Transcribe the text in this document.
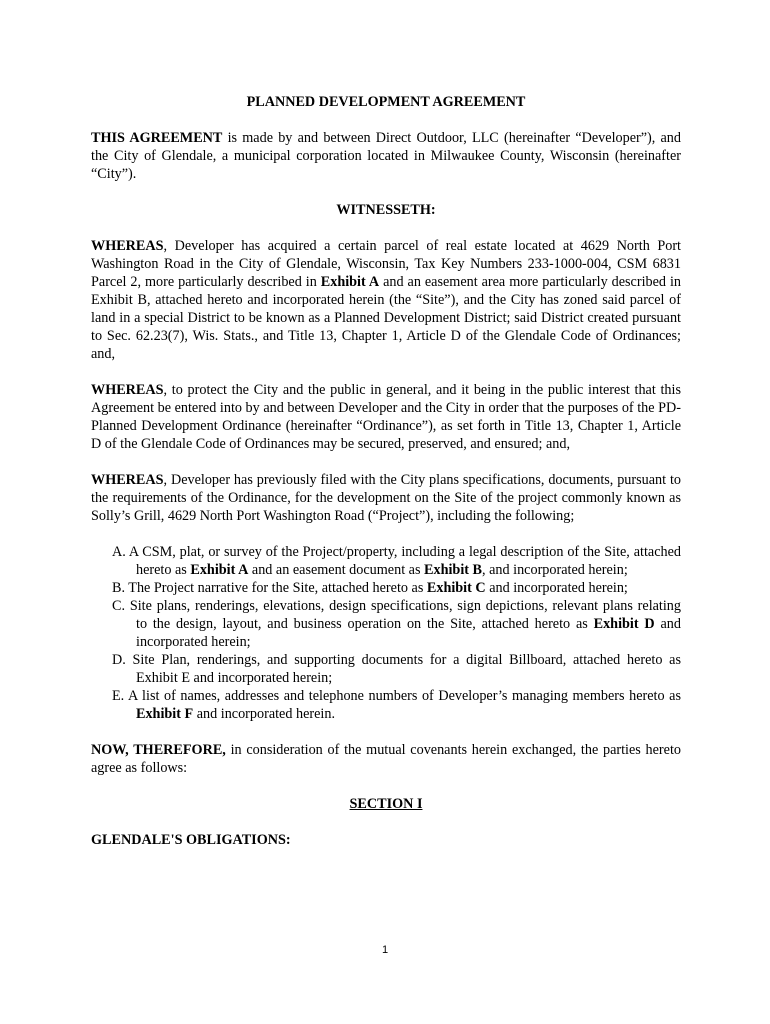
PLANNED DEVELOPMENT AGREEMENT

THIS AGREEMENT is made by and between Direct Outdoor, LLC (hereinafter “Developer”), and the City of Glendale, a municipal corporation located in Milwaukee County, Wisconsin (hereinafter “City”).

WITNESSETH:

WHEREAS, Developer has acquired a certain parcel of real estate located at 4629 North Port Washington Road in the City of Glendale, Wisconsin, Tax Key Numbers 233-1000-004, CSM 6831 Parcel 2, more particularly described in Exhibit A and an easement area more particularly described in Exhibit B, attached hereto and incorporated herein (the “Site”), and the City has zoned said parcel of land in a special District to be known as a Planned Development District; said District created pursuant to Sec. 62.23(7), Wis. Stats., and Title 13, Chapter 1, Article D of the Glendale Code of Ordinances; and,

WHEREAS, to protect the City and the public in general, and it being in the public interest that this Agreement be entered into by and between Developer and the City in order that the purposes of the PD-Planned Development Ordinance (hereinafter “Ordinance”), as set forth in Title 13, Chapter 1, Article D of the Glendale Code of Ordinances may be secured, preserved, and ensured; and,

WHEREAS, Developer has previously filed with the City plans specifications, documents, pursuant to the requirements of the Ordinance, for the development on the Site of the project commonly known as Solly’s Grill, 4629 North Port Washington Road (“Project”), including the following;

A. A CSM, plat, or survey of the Project/property, including a legal description of the Site, attached hereto as Exhibit A and an easement document as Exhibit B, and incorporated herein;
B. The Project narrative for the Site, attached hereto as Exhibit C and incorporated herein;
C. Site plans, renderings, elevations, design specifications, sign depictions, relevant plans relating to the design, layout, and business operation on the Site, attached hereto as Exhibit D and incorporated herein;
D. Site Plan, renderings, and supporting documents for a digital Billboard, attached hereto as Exhibit E and incorporated herein;
E. A list of names, addresses and telephone numbers of Developer’s managing members hereto as Exhibit F and incorporated herein.

NOW, THEREFORE, in consideration of the mutual covenants herein exchanged, the parties hereto agree as follows:

SECTION I
GLENDALE'S OBLIGATIONS:
1
